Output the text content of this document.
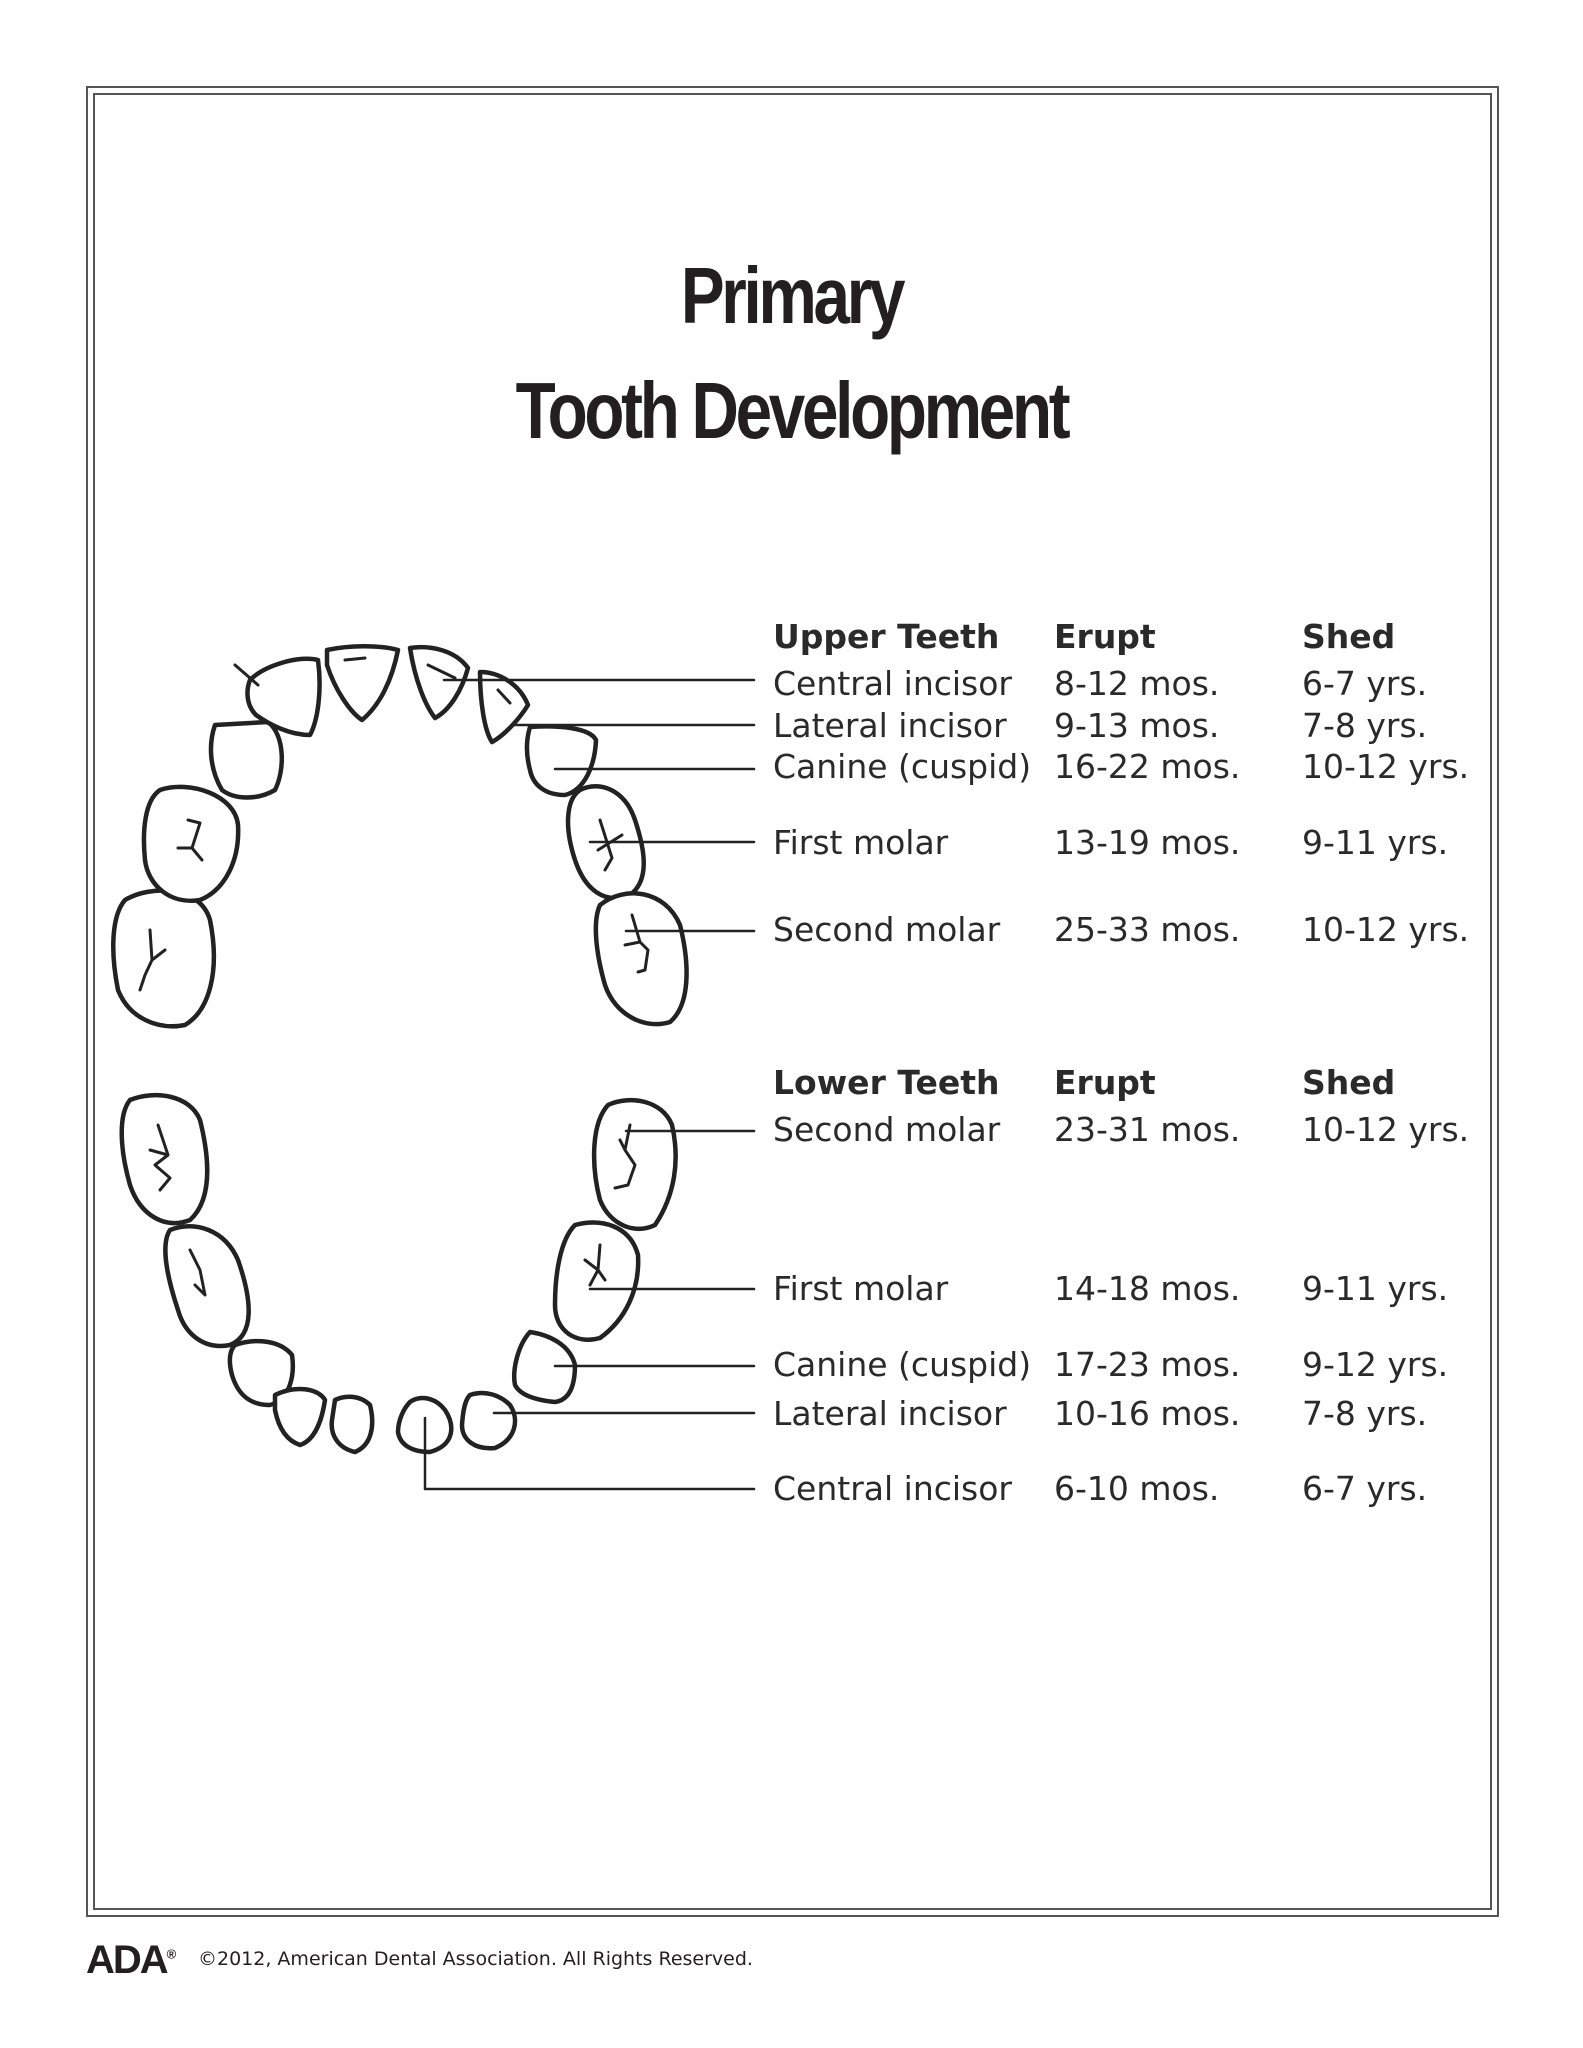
Primary
Tooth Development
Upper Teeth Erupt	Shed
Central incisor 8-12 mos.	6-7 yrs.
Lateral incisor 9-13 mos.	7-8 yrs.
Canine (cuspid) 16-22 mos. 10-12 yrs.
First molar	13-19 mos. 9-11 yrs.
Second molar 25-33 mos. 10-12 yrs.
Lower Teeth Erupt	Shed
Second molar 23-31 mos. 10-12 yrs.
First molar	14-18 mos. 9-11 yrs.
Canine (cuspid) 17-23 mos. 9-12 yrs.
Lateral incisor 10-16 mos. 7-8 yrs.
Central incisor 6-10 mos.	6-7 yrs.
ADA® ©2012, American Dental Association. All Rights Reserved.
